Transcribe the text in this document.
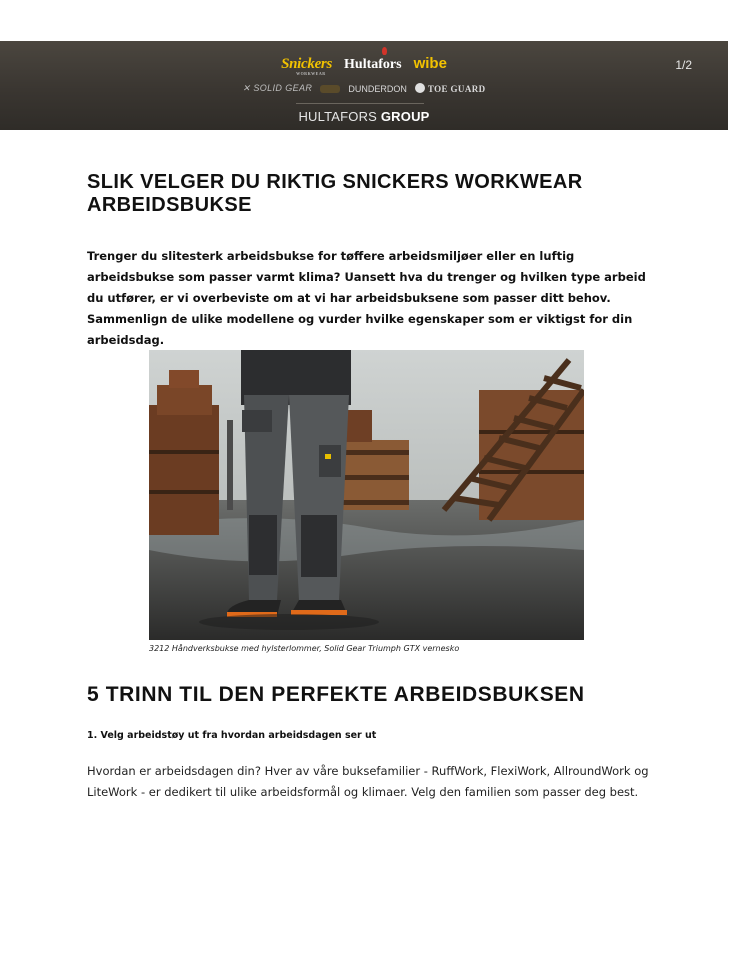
Snickers
WORKWEAR
Hultafors wibe
✕ SOLID GEAR	DUNDERDON	TOE GUARD
HULTAFORS GROUP
1/2
SLIK VELGER DU RIKTIG SNICKERS WORKWEAR ARBEIDSBUKSE

Trenger du slitesterk arbeidsbukse for tøffere arbeidsmiljøer eller en luftig arbeidsbukse som passer varmt klima? Uansett hva du trenger og hvilken type arbeid du utfører, er vi overbeviste om at vi har arbeidsbuksene som passer ditt behov. Sammenlign de ulike modellene og vurder hvilke egenskaper som er viktigst for din arbeidsdag.

3212 Håndverksbukse med hylsterlommer, Solid Gear Triumph GTX vernesko

5 TRINN TIL DEN PERFEKTE ARBEIDSBUKSEN

1. Velg arbeidstøy ut fra hvordan arbeidsdagen ser ut

Hvordan er arbeidsdagen din? Hver av våre buksefamilier - RuffWork, FlexiWork, AllroundWork og LiteWork - er dedikert til ulike arbeidsformål og klimaer. Velg den familien som passer deg best.
